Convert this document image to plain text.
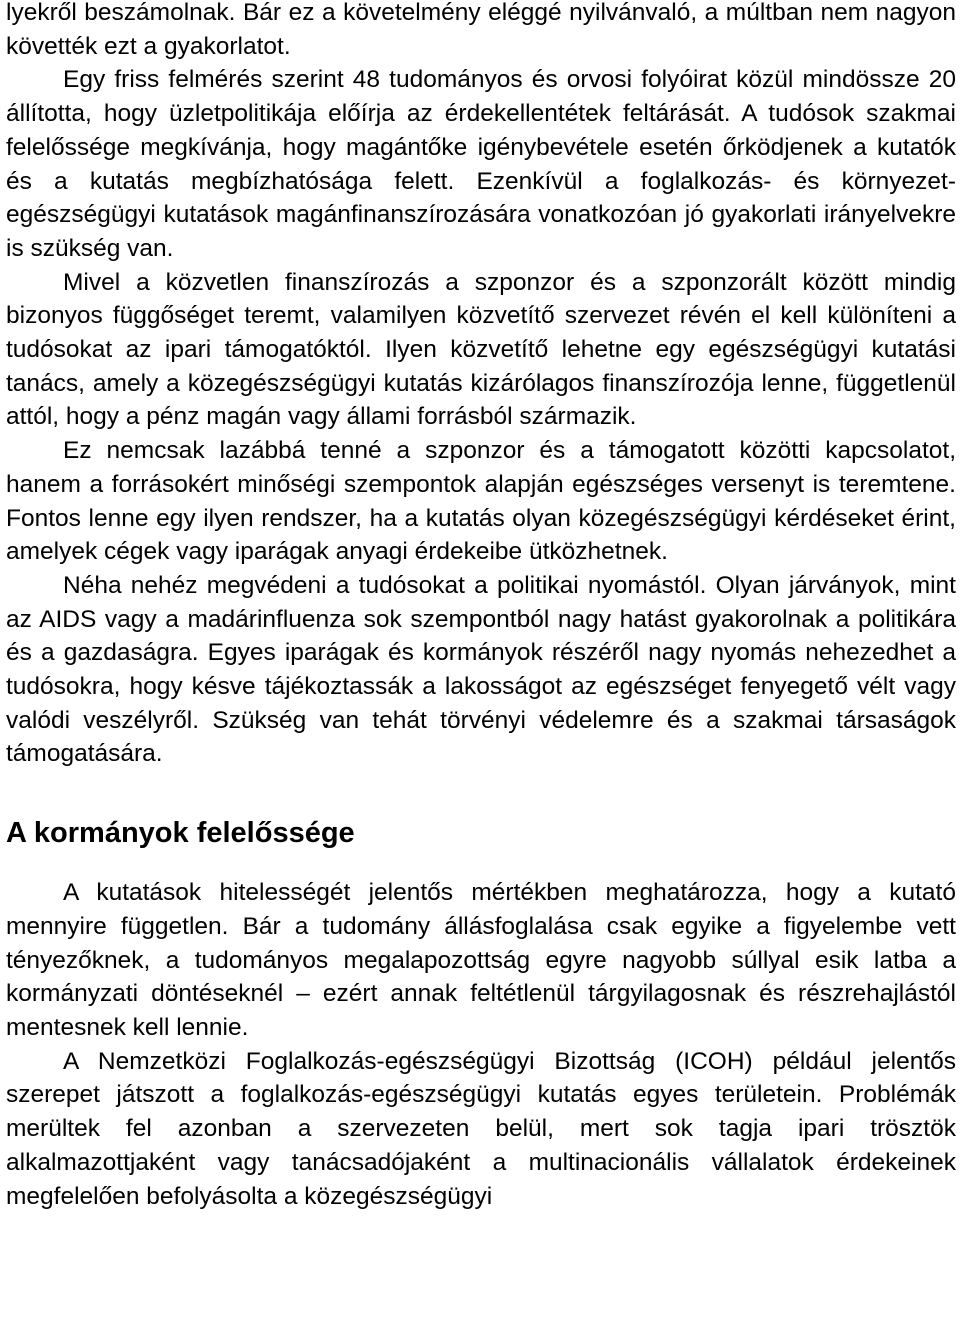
lyekről beszámolnak. Bár ez a követelmény eléggé nyilvánvaló, a múltban nem nagyon követték ezt a gyakorlatot.

Egy friss felmérés szerint 48 tudományos és orvosi folyóirat közül mindössze 20 állította, hogy üzletpolitikája előírja az érdekellentétek feltárását. A tudósok szakmai felelőssége megkívánja, hogy magántőke igénybevétele esetén őrködjenek a kutatók és a kutatás megbízhatósága felett. Ezenkívül a foglalkozás- és környezet-egészségügyi kutatások magánfinanszírozására vonatkozóan jó gyakorlati irányelvekre is szükség van.

Mivel a közvetlen finanszírozás a szponzor és a szponzorált között mindig bizonyos függőséget teremt, valamilyen közvetítő szervezet révén el kell különíteni a tudósokat az ipari támogatóktól. Ilyen közvetítő lehetne egy egészségügyi kutatási tanács, amely a közegészségügyi kutatás kizárólagos finanszírozója lenne, függetlenül attól, hogy a pénz magán vagy állami forrásból származik.

Ez nemcsak lazábbá tenné a szponzor és a támogatott közötti kapcsolatot, hanem a forrásokért minőségi szempontok alapján egészséges versenyt is teremtene. Fontos lenne egy ilyen rendszer, ha a kutatás olyan közegészségügyi kérdéseket érint, amelyek cégek vagy iparágak anyagi érdekeibe ütközhetnek.

Néha nehéz megvédeni a tudósokat a politikai nyomástól. Olyan járványok, mint az AIDS vagy a madárinfluenza sok szempontból nagy hatást gyakorolnak a politikára és a gazdaságra. Egyes iparágak és kormányok részéről nagy nyomás nehezedhet a tudósokra, hogy késve tájékoztassák a lakosságot az egészséget fenyegető vélt vagy valódi veszélyről. Szükség van tehát törvényi védelemre és a szakmai társaságok támogatására.

A kormányok felelőssége

A kutatások hitelességét jelentős mértékben meghatározza, hogy a kutató mennyire független. Bár a tudomány állásfoglalása csak egyike a figyelembe vett tényezőknek, a tudományos megalapozottság egyre nagyobb súllyal esik latba a kormányzati döntéseknél – ezért annak feltétlenül tárgyilagosnak és részrehajlástól mentesnek kell lennie.

A Nemzetközi Foglalkozás-egészségügyi Bizottság (ICOH) például jelentős szerepet játszott a foglalkozás-egészségügyi kutatás egyes területein. Problémák merültek fel azonban a szervezeten belül, mert sok tagja ipari trösztök alkalmazottjaként vagy tanácsadójaként a multinacionális vállalatok érdekeinek megfelelően befolyásolta a közegészségügyi
